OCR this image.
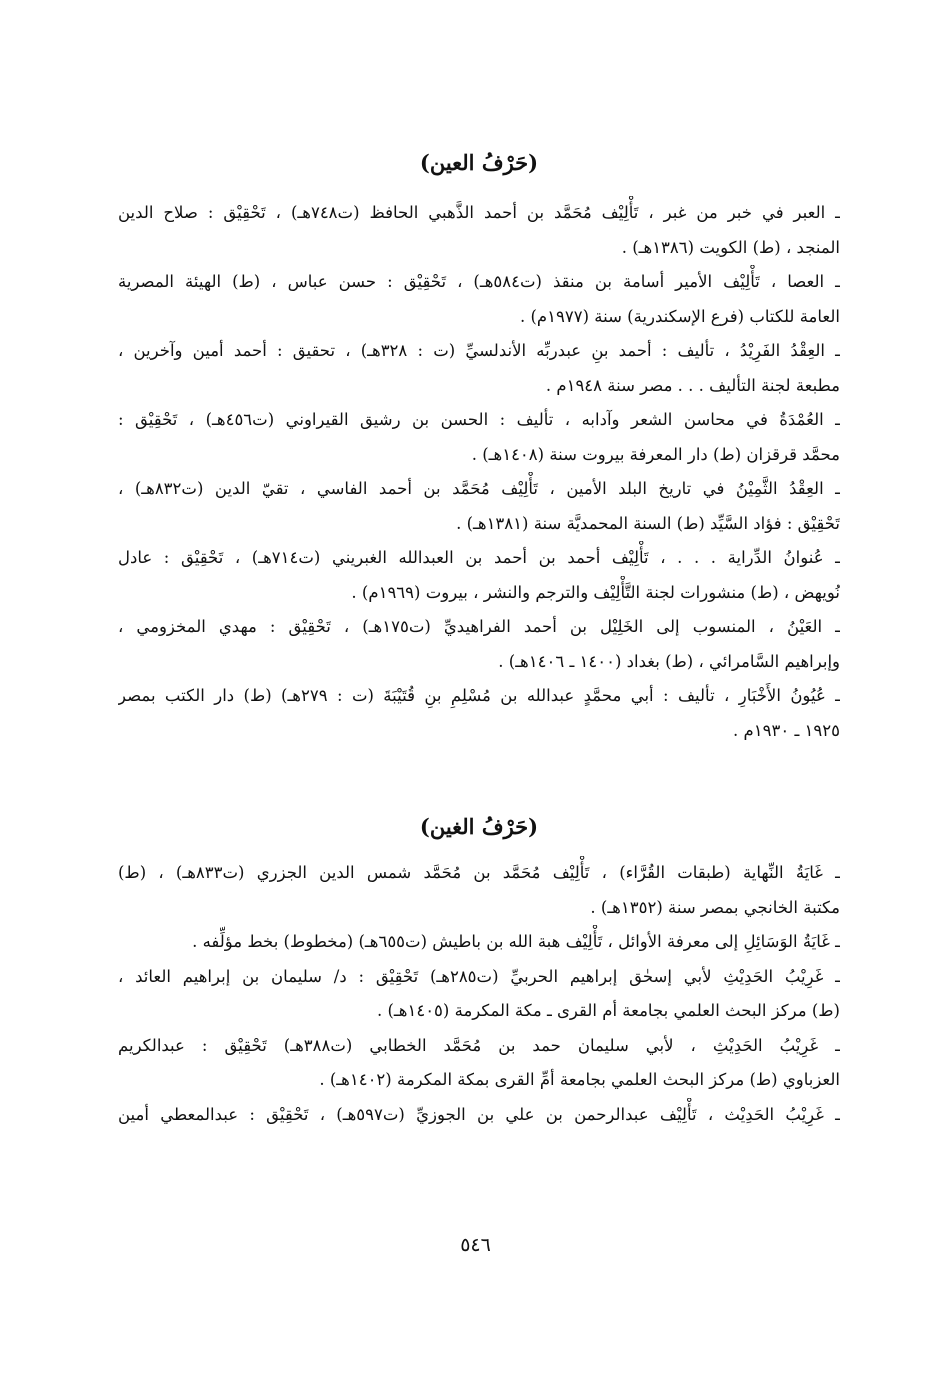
(حَرْفُ العين)

ـ العبر في خبر من غبر ، تَأْلِيْف مُحَمَّد بن أحمد الذَّهبي الحافظ (ت٧٤٨هـ) ، تَحْقِيْق : صلاح الدين
المنجد ، (ط) الكويت (١٣٨٦هـ) .

ـ العصا ، تَأْلِيْف الأمير أسامة بن منقذ (ت٥٨٤هـ) ، تَحْقِيْق : حسن عباس ، (ط) الهيئة المصرية
العامة للكتاب (فرع الإسكندرية) سنة (١٩٧٧م) .

ـ العِقْدُ الفَرِيْدُ ، تأليف : أحمد بنِ عبدربِّه الأندلسيِّ (ت : ٣٢٨هـ) ، تحقيق : أحمد أمين وآخرين ،
مطبعة لجنة التأليف . . . مصر سنة ١٩٤٨م .

ـ العُمْدَةُ في محاسن الشعر وآدابه ، تأليف : الحسن بن رشيق القيراوني (ت٤٥٦هـ) ، تَحْقِيْق :
محمَّد قرقزان (ط) دار المعرفة بيروت سنة (١٤٠٨هـ) .

ـ العِقْدُ الثَّمِيْنُ في تاريخ البلد الأمين ، تَأْلِيْف مُحَمَّد بن أحمد الفاسي ، تقيّ الدين (ت٨٣٢هـ) ،
تَحْقِيْق : فؤاد السَّيِّد (ط) السنة المحمديَّة سنة (١٣٨١هـ) .

ـ عُنوانُ الدِّراية . . . ، تَأْلِيْف أحمد بن أحمد بن العبدالله الغبريني (ت٧١٤هـ) ، تَحْقِيْق : عادل
نُويهض ، (ط) منشورات لجنة التَّأْلِيْف والترجم والنشر ، بيروت (١٩٦٩م) .

ـ العَيْنُ ، المنسوب إلى الخَلِيْل بن أحمد الفراهيديِّ (ت١٧٥هـ) ، تَحْقِيْق : مهدي المخزومي ،
وإبراهيم السَّامرائي ، (ط) بغداد (١٤٠٠ ـ ١٤٠٦هـ) .

ـ عُيُونُ الأَخْبَارِ ، تأليف : أبي محمَّدٍ عبدالله بن مُسْلِمِ بنِ قُتَيْبَةَ (ت : ٢٧٩هـ) (ط) دار الكتب بمصر
١٩٢٥ ـ ١٩٣٠م .

(حَرْفُ الغين)

ـ غَايَةُ النِّهاية (طبقات القُرَّاء) ، تَأْلِيْف مُحَمَّد بن مُحَمَّد شمس الدين الجزري (ت٨٣٣هـ) ، (ط)
مكتبة الخانجي بمصر سنة (١٣٥٢هـ) .

ـ غَايَةُ الوَسَائِلِ إلى معرفة الأوائل ، تَأْلِيْف هبة الله بن باطيش (ت٦٥٥هـ) (مخطوط) بخط مؤلِّفه .

ـ غَرِيْبُ الحَدِيْثِ لأبي إسحٰق إبراهيم الحربيِّ (ت٢٨٥هـ) تَحْقِيْق : د/ سليمان بن إبراهيم العائد ،
(ط) مركز البحث العلمي بجامعة أم القرى ـ مكة المكرمة (١٤٠٥هـ) .

ـ غَرِيْبُ الحَدِيْثِ ، لأبي سليمان حمد بن مُحَمَّد الخطابي (ت٣٨٨هـ) تَحْقِيْق : عبدالكريم
العزباوي (ط) مركز البحث العلمي بجامعة أمِّ القرى بمكة المكرمة (١٤٠٢هـ) .

ـ غَرِيْبُ الحَدِيْث ، تَأْلِيْف عبدالرحمن بن علي بن الجوزيِّ (ت٥٩٧هـ) ، تَحْقِيْق : عبدالمعطي أمين

٥٤٦
